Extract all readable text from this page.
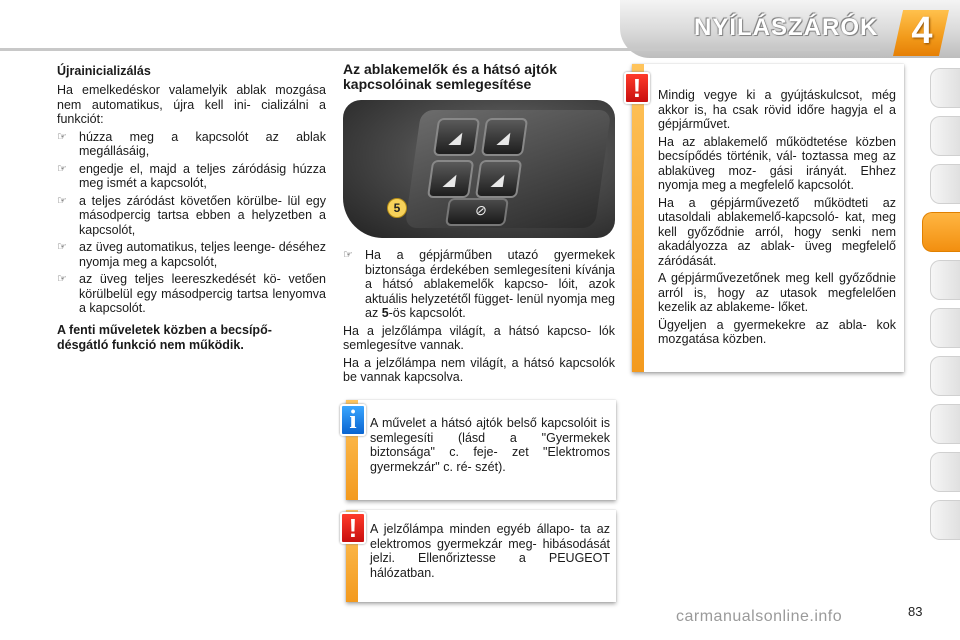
NYÍLÁSZÁRÓK 4
Újrainicializálás
Ha emelkedéskor valamelyik ablak mozgása nem automatikus, újra kell ini- cializálni a funkciót:
☞ húzza meg a kapcsolót az ablak megállásáig,
☞ engedje el, majd a teljes záródásig húzza meg ismét a kapcsolót,
☞ a teljes záródást követően körülbe- lül egy másodpercig tartsa ebben a helyzetben a kapcsolót,
☞ az üveg automatikus, teljes leenge- déséhez nyomja meg a kapcsolót,
☞ az üveg teljes leereszkedését kö- vetően körülbelül egy másodpercig tartsa lenyomva a kapcsolót.
A fenti műveletek közben a becsípő- désgátló funkció nem működik.
Az ablakemelők és a hátsó ajtók kapcsolóinak semlegesítése
◢ ◢
◢
◢
⊘
5
☞ Ha a gépjárműben utazó gyermekek biztonsága érdekében semlegesíteni kívánja a hátsó ablakemelők kapcso- lóit, azok aktuális helyzetétől függet- lenül nyomja meg az 5-ös kapcsolót.
Ha a jelzőlámpa világít, a hátsó kapcso- lók semlegesítve vannak.
Ha a jelzőlámpa nem világít, a hátsó kapcsolók be vannak kapcsolva.

Mindig vegye ki a gyújtáskulcsot, még akkor is, ha csak rövid időre hagyja el a gépjárművet.

Ha az ablakemelő működtetése közben becsípődés történik, vál- toztassa meg az ablaküveg moz- gási irányát. Ehhez nyomja meg a megfelelő kapcsolót.

Ha a gépjárművezető működteti az utasoldali ablakemelő-kapcsoló- kat, meg kell győződnie arról, hogy senki nem akadályozza az ablak- üveg megfelelő záródását.

A gépjárművezetőnek meg kell győződnie arról is, hogy az utasok megfelelően kezelik az ablakeme- lőket.

Ügyeljen a gyermekekre az abla- kok mozgatása közben.

!
A művelet a hátsó ajtók belső kapcsolóit is semlegesíti (lásd a "Gyermekek biztonsága" c. feje- zet "Elektromos gyermekzár" c. ré- szét).
i
A jelzőlámpa minden egyéb állapo- ta az elektromos gyermekzár meg- hibásodását jelzi. Ellenőriztesse a PEUGEOT hálózatban.
!
carmanualsonline.info	83
